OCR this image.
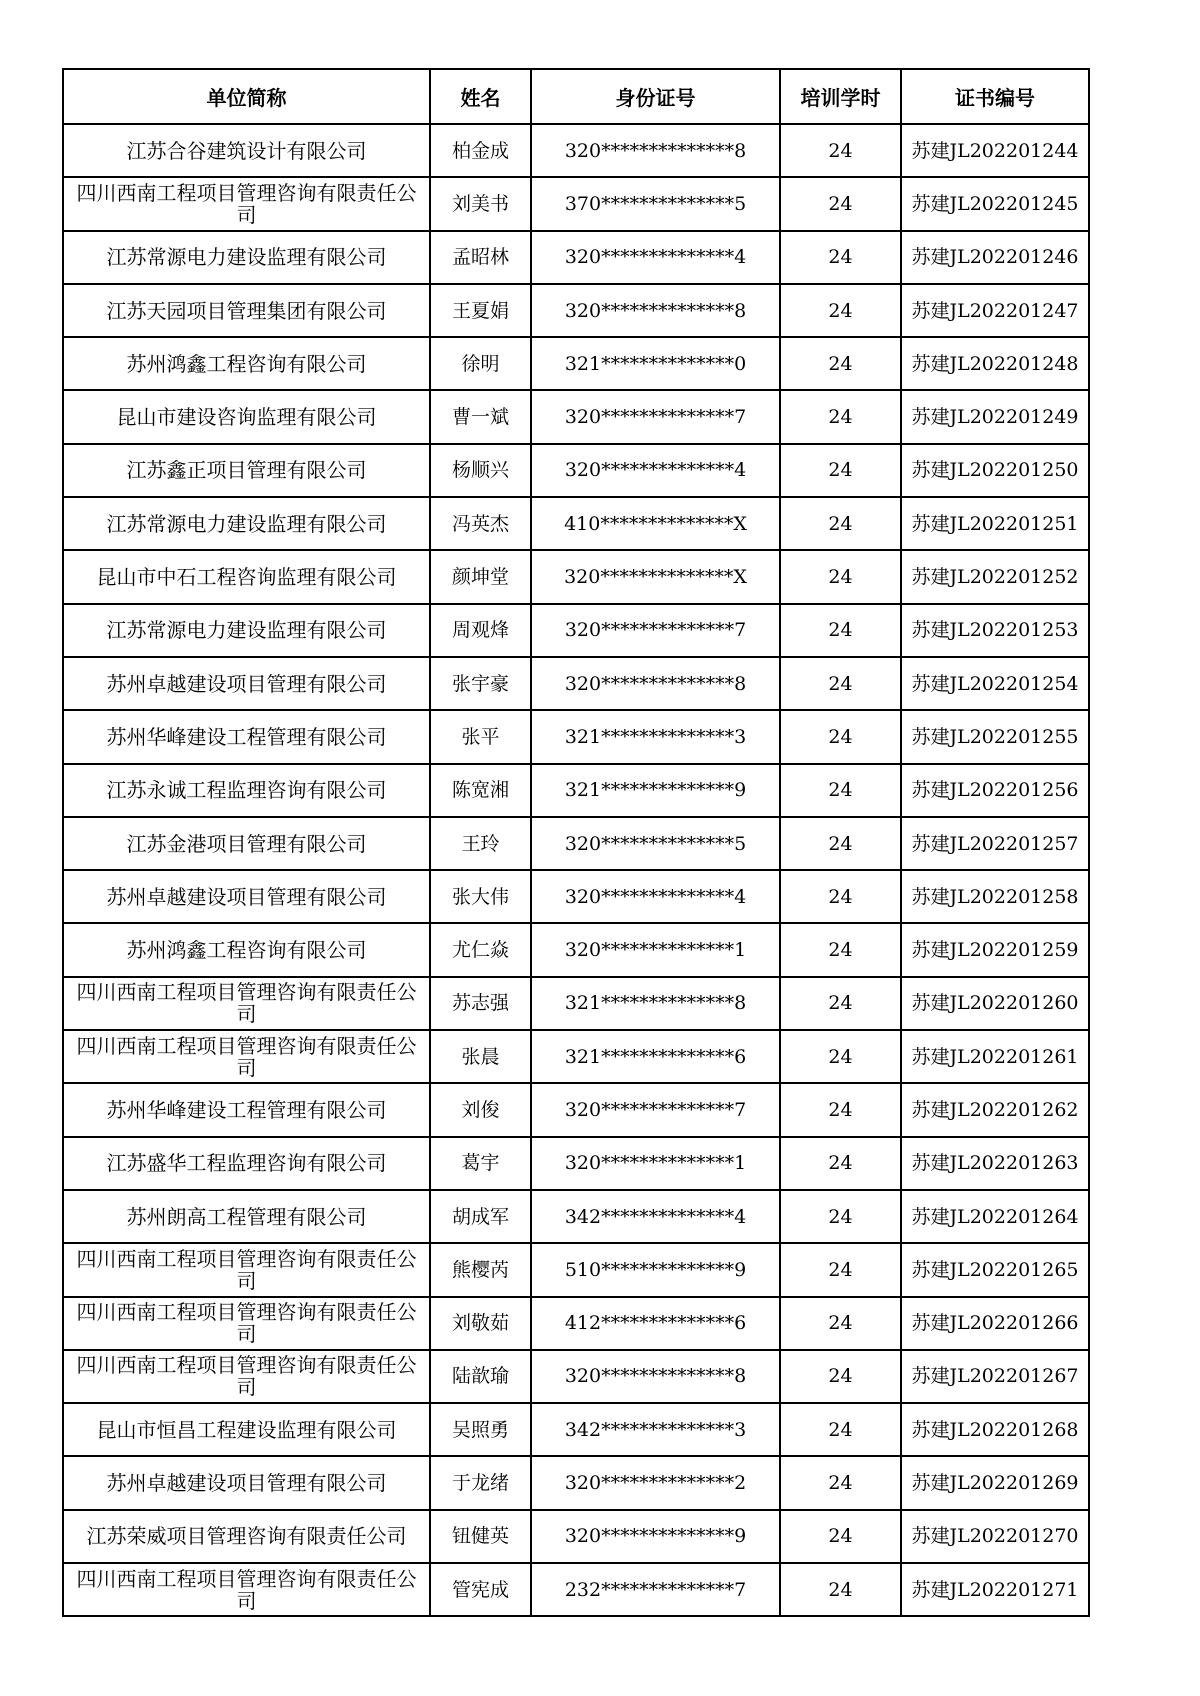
单位简称	姓名	身份证号	培训学时	证书编号
江苏合谷建筑设计有限公司	柏金成	320**************8	24	苏建JL202201244
四川西南工程项目管理咨询有限责任公司	刘美书	370**************5	24	苏建JL202201245
江苏常源电力建设监理有限公司	孟昭林	320**************4	24	苏建JL202201246
江苏天园项目管理集团有限公司	王夏娟	320**************8	24	苏建JL202201247
苏州鸿鑫工程咨询有限公司	徐明	321**************0	24	苏建JL202201248
昆山市建设咨询监理有限公司	曹一斌	320**************7	24	苏建JL202201249
江苏鑫正项目管理有限公司	杨顺兴	320**************4	24	苏建JL202201250
江苏常源电力建设监理有限公司	冯英杰	410**************X	24	苏建JL202201251
昆山市中石工程咨询监理有限公司	颜坤堂	320**************X	24	苏建JL202201252
江苏常源电力建设监理有限公司	周观烽	320**************7	24	苏建JL202201253
苏州卓越建设项目管理有限公司	张宇豪	320**************8	24	苏建JL202201254
苏州华峰建设工程管理有限公司	张平	321**************3	24	苏建JL202201255
江苏永诚工程监理咨询有限公司	陈宽湘	321**************9	24	苏建JL202201256
江苏金港项目管理有限公司	王玲	320**************5	24	苏建JL202201257
苏州卓越建设项目管理有限公司	张大伟	320**************4	24	苏建JL202201258
苏州鸿鑫工程咨询有限公司	尤仁焱	320**************1	24	苏建JL202201259
四川西南工程项目管理咨询有限责任公司	苏志强	321**************8	24	苏建JL202201260
四川西南工程项目管理咨询有限责任公司	张晨	321**************6	24	苏建JL202201261
苏州华峰建设工程管理有限公司	刘俊	320**************7	24	苏建JL202201262
江苏盛华工程监理咨询有限公司	葛宇	320**************1	24	苏建JL202201263
苏州朗高工程管理有限公司	胡成军	342**************4	24	苏建JL202201264
四川西南工程项目管理咨询有限责任公司	熊樱芮	510**************9	24	苏建JL202201265
四川西南工程项目管理咨询有限责任公司	刘敬茹	412**************6	24	苏建JL202201266
四川西南工程项目管理咨询有限责任公司	陆歆瑜	320**************8	24	苏建JL202201267
昆山市恒昌工程建设监理有限公司	吴照勇	342**************3	24	苏建JL202201268
苏州卓越建设项目管理有限公司	于龙绪	320**************2	24	苏建JL202201269
江苏荣威项目管理咨询有限责任公司	钮健英	320**************9	24	苏建JL202201270
四川西南工程项目管理咨询有限责任公司	管宪成	232**************7	24	苏建JL202201271
